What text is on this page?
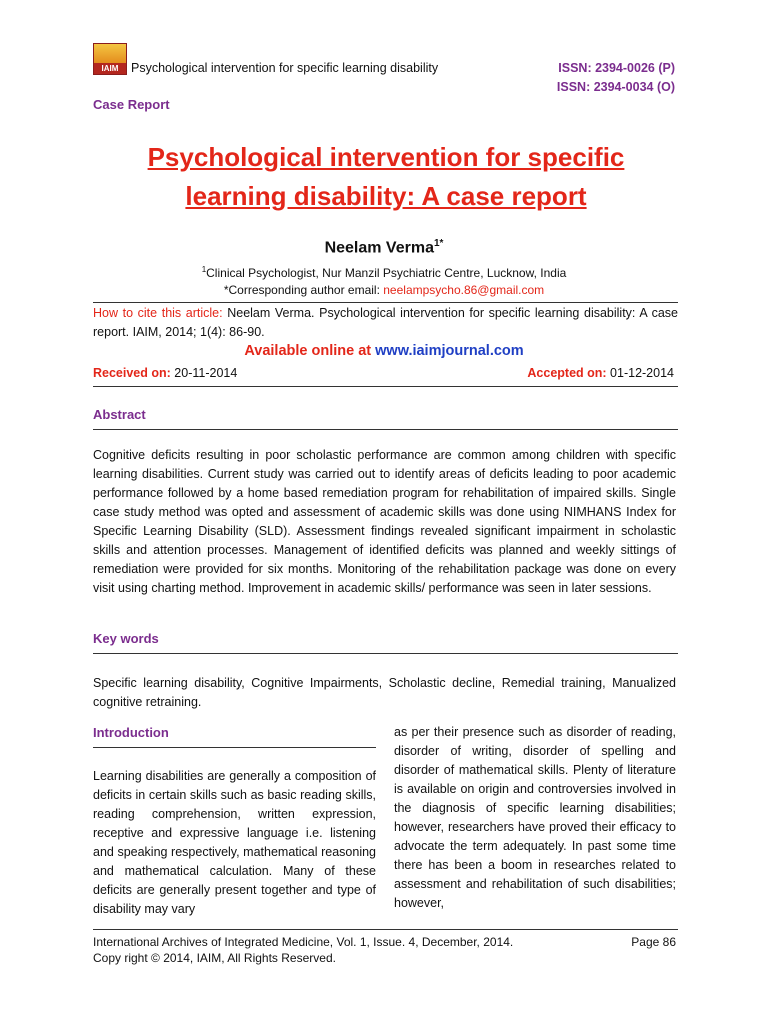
IAIM	Psychological intervention for specific learning disability	ISSN: 2394-0026 (P)
ISSN: 2394-0034 (O)
Case Report
Psychological intervention for specific
learning disability: A case report
Neelam Verma$^{1*}$
$^1$Clinical Psychologist, Nur Manzil Psychiatric Centre, Lucknow, India
*Corresponding author email: neelampsycho.86@gmail.com
How to cite this article: Neelam Verma. Psychological intervention for specific learning disability: A case report. IAIM, 2014; 1(4): 86-90.
Available online at www.iaimjournal.com
Received on: 20-11-2014	Accepted on: 01-12-2014
Abstract
Cognitive deficits resulting in poor scholastic performance are common among children with specific learning disabilities. Current study was carried out to identify areas of deficits leading to poor academic performance followed by a home based remediation program for rehabilitation of impaired skills. Single case study method was opted and assessment of academic skills was done using NIMHANS Index for Specific Learning Disability (SLD). Assessment findings revealed significant impairment in scholastic skills and attention processes. Management of identified deficits was planned and weekly sittings of remediation were provided for six months. Monitoring of the rehabilitation package was done on every visit using charting method. Improvement in academic skills/ performance was seen in later sessions.
Key words
Specific learning disability, Cognitive Impairments, Scholastic decline, Remedial training, Manualized cognitive retraining.
Introduction
Learning disabilities are generally a composition of deficits in certain skills such as basic reading skills, reading comprehension, written expression, receptive and expressive language i.e. listening and speaking respectively, mathematical reasoning and mathematical calculation. Many of these deficits are generally present together and type of disability may vary
as per their presence such as disorder of reading, disorder of writing, disorder of spelling and disorder of mathematical skills. Plenty of literature is available on origin and controversies involved in the diagnosis of specific learning disabilities; however, researchers have proved their efficacy to advocate the term adequately. In past some time there has been a boom in researches related to assessment and rehabilitation of such disabilities; however,
International Archives of Integrated Medicine, Vol. 1, Issue. 4, December, 2014.	Page 86
Copy right © 2014, IAIM, All Rights Reserved.
